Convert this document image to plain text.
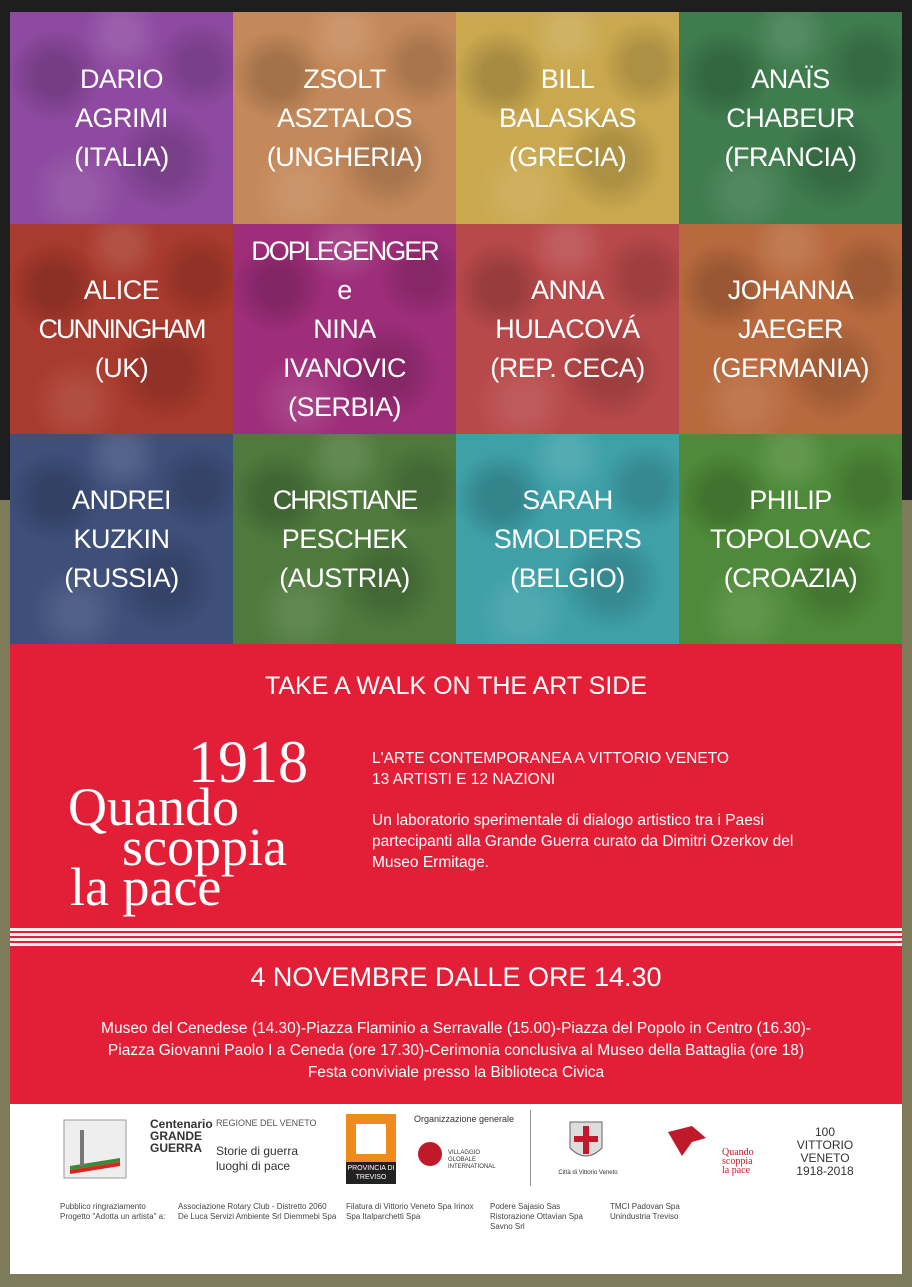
DARIO
AGRIMI
(ITALIA)
ZSOLT
ASZTALOS
(UNGHERIA)
BILL
BALASKAS
(GRECIA)
ANAÏS
CHABEUR
(FRANCIA)
ALICE
CUNNINGHAM
(UK)
DOPLEGENGER
e
NINA
IVANOVIC
(SERBIA)
ANNA
HULACOVÁ
(REP. CECA)
JOHANNA
JAEGER
(GERMANIA)
ANDREI
KUZKIN
(RUSSIA)
CHRISTIANE
PESCHEK
(AUSTRIA)
SARAH
SMOLDERS
(BELGIO)
PHILIP
TOPOLOVAC
(CROAZIA)
TAKE A WALK ON THE ART SIDE
1918
Quando
scoppia
la pace

L'ARTE CONTEMPORANEA A VITTORIO VENETO
13 ARTISTI E 12 NAZIONI

Un laboratorio sperimentale di dialogo artistico tra i Paesi partecipanti alla Grande Guerra curato da Dimitri Ozerkov del Museo Ermitage.

4 NOVEMBRE DALLE ORE 14.30
Museo del Cenedese (14.30)-Piazza Flaminio a Serravalle (15.00)-Piazza del Popolo in Centro (16.30)-
Piazza Giovanni Paolo I a Ceneda (ore 17.30)-Cerimonia conclusiva al Museo della Battaglia (ore 18)
Festa conviviale presso la Biblioteca Civica
Centenario GRANDE GUERRA
REGIONE DEL VENETO
Storie di guerra luoghi di pace	PROVINCIA DI TREVISO
Organizzazione generale
VILLAGGIO GLOBALE INTERNATIONAL
Città di Vittorio Veneto
Quando
scoppia
la pace
100 VITTORIO VENETO 1918-2018
Pubblico ringraziamento Progetto "Adotta un artista" a:
Associazione Rotary Club - Distretto 2060 De Luca Servizi Ambiente Srl Diemmebi Spa
Filatura di Vittorio Veneto Spa Irinox Spa Italparchetti Spa
Podere Sajasio Sas Ristorazione Ottavian Spa Savno Srl
TMCI Padovan Spa Unindustria Treviso
